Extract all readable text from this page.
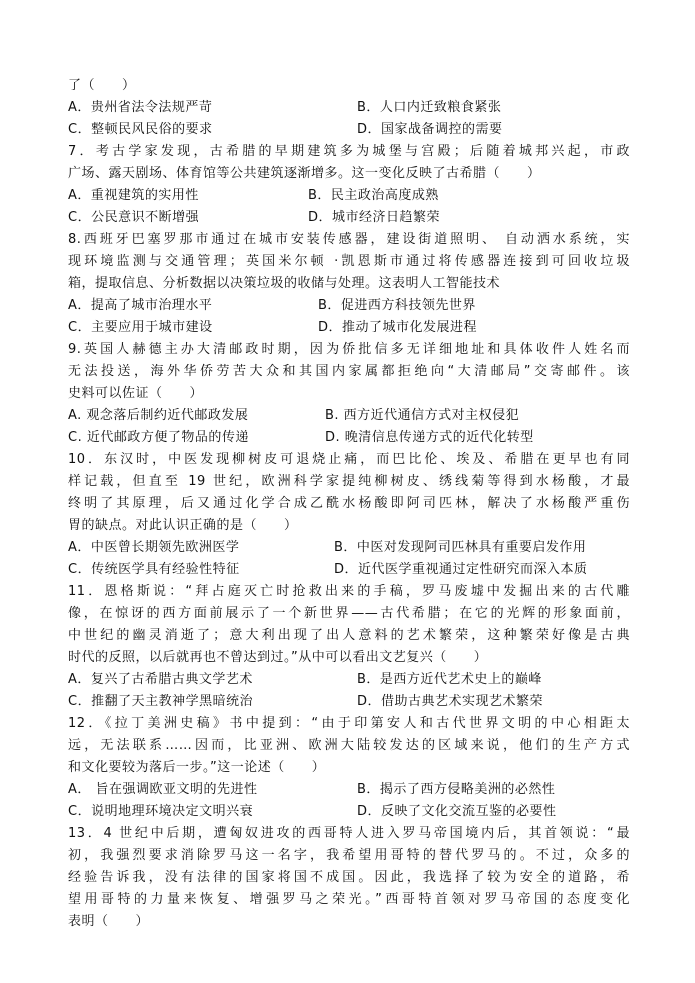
了（　　）
A．贵州省法令法规严苛	B．人口内迁致粮食紧张
C．整顿民风民俗的要求	D．国家战备调控的需要
7．考古学家发现，古希腊的早期建筑多为城堡与宫殿；后随着城邦兴起，市政
广场、露天剧场、体育馆等公共建筑逐渐增多。这一变化反映了古希腊（　　）
A．重视建筑的实用性	B．民主政治高度成熟
C．公民意识不断增强	D．城市经济日趋繁荣
8.西班牙巴塞罗那市通过在城市安装传感器，建设街道照明、 自动洒水系统，实
现环境监测与交通管理；英国米尔顿 ·凯恩斯市通过将传感器连接到可回收垃圾
箱，提取信息、分析数据以决策垃圾的收储与处理。这表明人工智能技术
A．提高了城市治理水平	B．促进西方科技领先世界
C．主要应用于城市建设	D．推动了城市化发展进程
9.英国人赫德主办大清邮政时期，因为侨批信多无详细地址和具体收件人姓名而
无法投送，海外华侨劳苦大众和其国内家属都拒绝向“大清邮局”交寄邮件。该
史料可以佐证（　　）
A. 观念落后制约近代邮政发展	B. 西方近代通信方式对主权侵犯
C. 近代邮政方便了物品的传递	D. 晚清信息传递方式的近代化转型
10．东汉时，中医发现柳树皮可退烧止痛，而巴比伦、埃及、希腊在更早也有同
样记载，但直至 19 世纪，欧洲科学家提纯柳树皮、绣线菊等得到水杨酸，才最
终明了其原理，后又通过化学合成乙酰水杨酸即阿司匹林，解决了水杨酸严重伤
胃的缺点。对此认识正确的是（　　）
A．中医曾长期领先欧洲医学	B．中医对发现阿司匹林具有重要启发作用
C．传统医学具有经验性特征	D．近代医学重视通过定性研究而深入本质
11．恩格斯说：“拜占庭灭亡时抢救出来的手稿，罗马废墟中发掘出来的古代雕
像，在惊讶的西方面前展示了一个新世界——古代希腊；在它的光辉的形象面前，
中世纪的幽灵消逝了；意大利出现了出人意料的艺术繁荣，这种繁荣好像是古典
时代的反照，以后就再也不曾达到过。”从中可以看出文艺复兴（　　）
A．复兴了古希腊古典文学艺术	B．是西方近代艺术史上的巅峰
C．推翻了天主教神学黑暗统治	D．借助古典艺术实现艺术繁荣
12．《拉丁美洲史稿》书中提到：“由于印第安人和古代世界文明的中心相距太
远，无法联系……因而，比亚洲、欧洲大陆较发达的区域来说，他们的生产方式
和文化要较为落后一步。”这一论述（　　）
A． 旨在强调欧亚文明的先进性	B．揭示了西方侵略美洲的必然性
C．说明地理环境决定文明兴衰	D．反映了文化交流互鉴的必要性
13．4 世纪中后期，遭匈奴进攻的西哥特人进入罗马帝国境内后，其首领说：“最
初，我强烈要求消除罗马这一名字，我希望用哥特的替代罗马的。不过，众多的
经验告诉我，没有法律的国家将国不成国。因此，我选择了较为安全的道路，希
望用哥特的力量来恢复、增强罗马之荣光。”西哥特首领对罗马帝国的态度变化
表明（　　）
